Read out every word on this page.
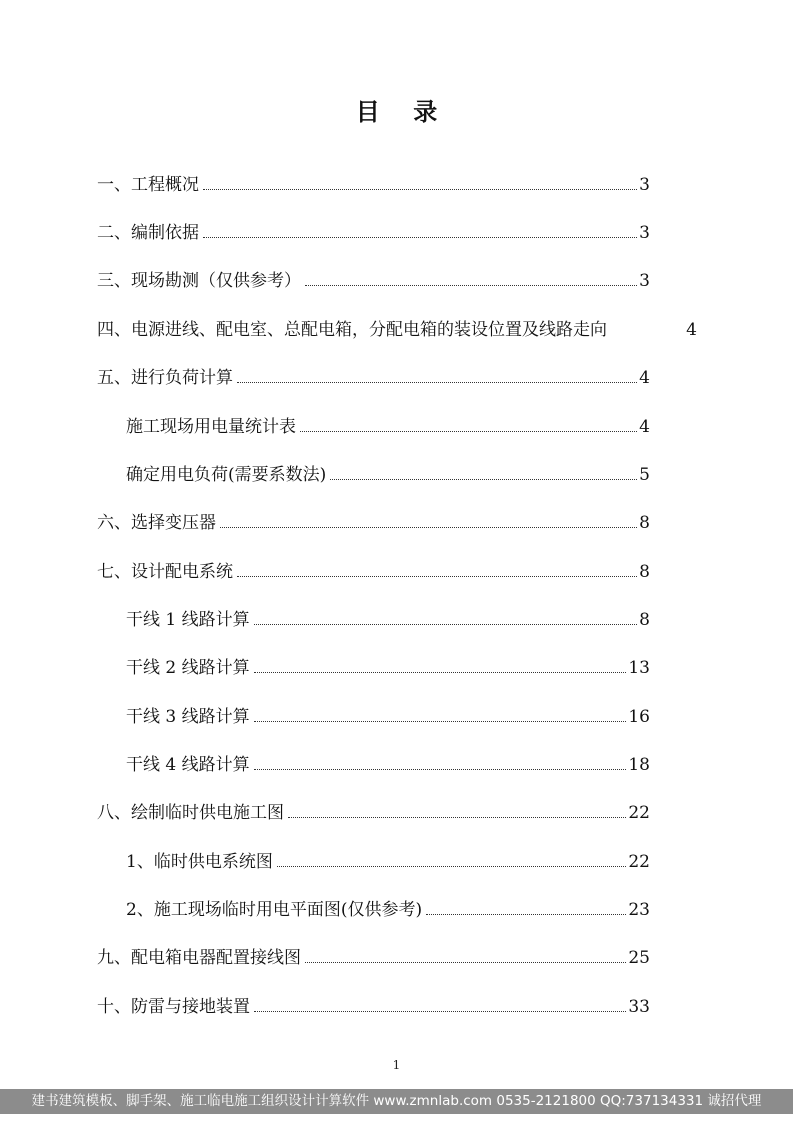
目    录
一、工程概况	3
二、编制依据	3
三、现场勘测（仅供参考）	3
四、电源进线、配电室、总配电箱，分配电箱的装设位置及线路走向	4
五、进行负荷计算	4
施工现场用电量统计表	4
确定用电负荷(需要系数法)	5
六、选择变压器	8
七、设计配电系统	8
干线 1 线路计算	8
干线 2 线路计算	13
干线 3 线路计算	16
干线 4 线路计算	18
八、绘制临时供电施工图	22
1、临时供电系统图	22
2、施工现场临时用电平面图(仅供参考)	23
九、配电箱电器配置接线图	25
十、防雷与接地装置	33
1
建书建筑模板、脚手架、施工临电施工组织设计计算软件 www.zmnlab.com 0535-2121800 QQ:737134331 诚招代理
